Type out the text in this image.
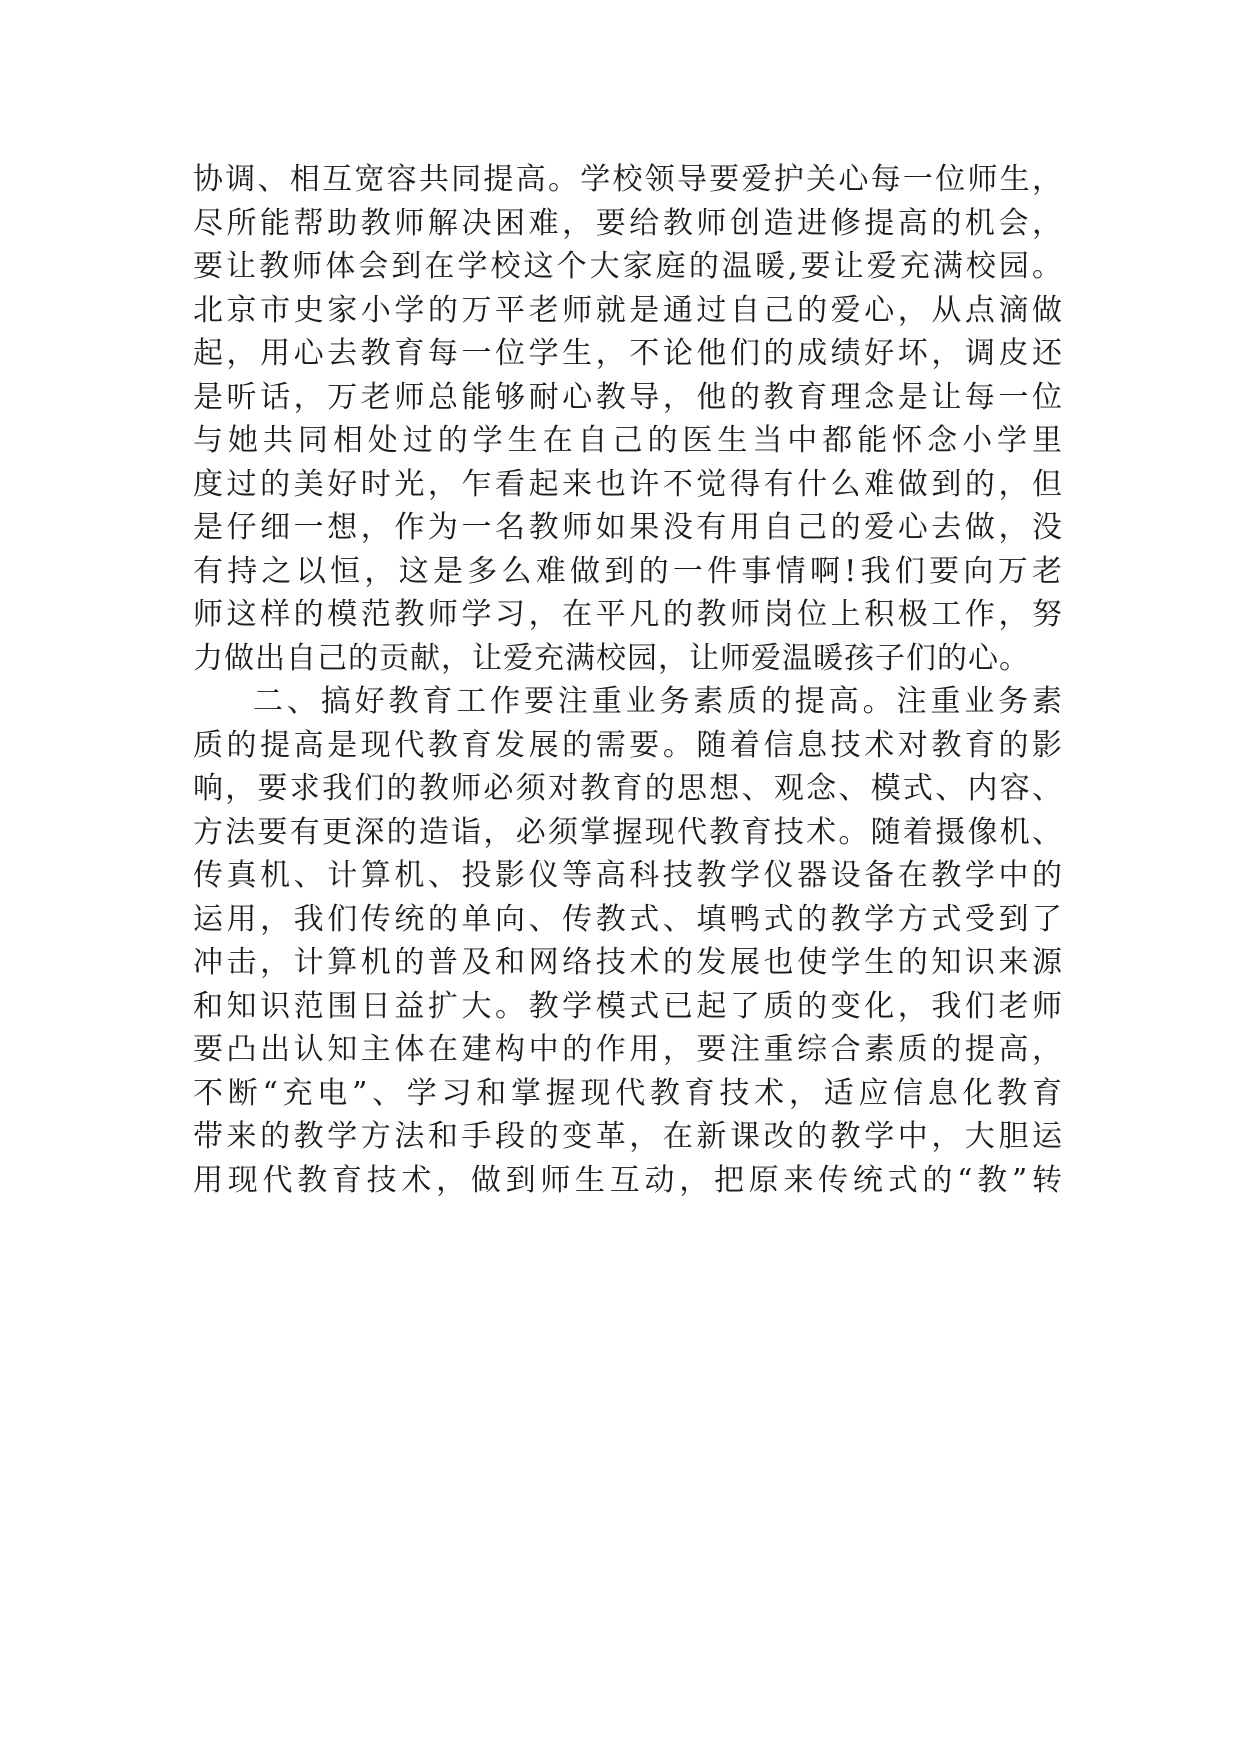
协调、相互宽容共同提高。学校领导要爱护关心每一位师生，
尽所能帮助教师解决困难，要给教师创造进修提高的机会，
要让教师体会到在学校这个大家庭的温暖,要让爱充满校园。
北京市史家小学的万平老师就是通过自己的爱心，从点滴做
起，用心去教育每一位学生，不论他们的成绩好坏，调皮还
是听话，万老师总能够耐心教导，他的教育理念是让每一位
与她共同相处过的学生在自己的医生当中都能怀念小学里
度过的美好时光，乍看起来也许不觉得有什么难做到的，但
是仔细一想，作为一名教师如果没有用自己的爱心去做，没
有持之以恒，这是多么难做到的一件事情啊!我们要向万老
师这样的模范教师学习，在平凡的教师岗位上积极工作，努
力做出自己的贡献，让爱充满校园，让师爱温暖孩子们的心。
二、搞好教育工作要注重业务素质的提高。注重业务素
质的提高是现代教育发展的需要。随着信息技术对教育的影
响，要求我们的教师必须对教育的思想、观念、模式、内容、
方法要有更深的造诣，必须掌握现代教育技术。随着摄像机、
传真机、计算机、投影仪等高科技教学仪器设备在教学中的
运用，我们传统的单向、传教式、填鸭式的教学方式受到了
冲击，计算机的普及和网络技术的发展也使学生的知识来源
和知识范围日益扩大。教学模式已起了质的变化，我们老师
要凸出认知主体在建构中的作用，要注重综合素质的提高，
不断“充电”、学习和掌握现代教育技术，适应信息化教育
带来的教学方法和手段的变革，在新课改的教学中，大胆运
用现代教育技术，做到师生互动，把原来传统式的“教”转
